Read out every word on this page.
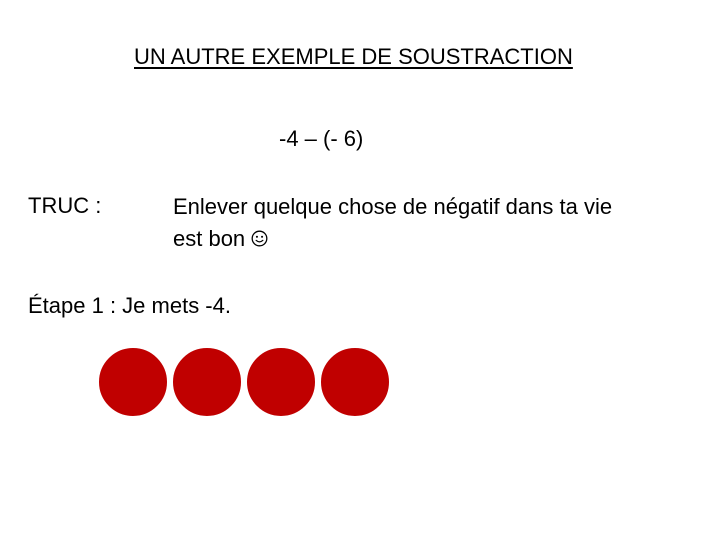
UN AUTRE EXEMPLE DE SOUSTRACTION
-4 – (- 6)
TRUC :	Enlever quelque chose de négatif dans ta vie est bon
Étape 1 : Je mets -4.
